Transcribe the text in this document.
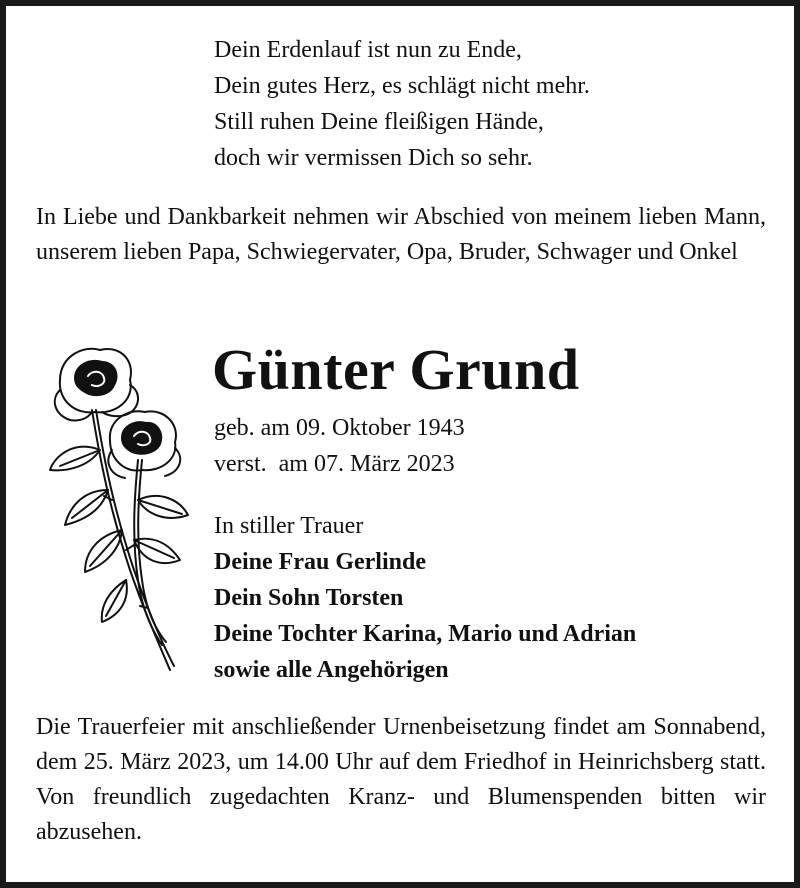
Dein Erdenlauf ist nun zu Ende,
Dein gutes Herz, es schlägt nicht mehr.
Still ruhen Deine fleißigen Hände,
doch wir vermissen Dich so sehr.
In Liebe und Dankbarkeit nehmen wir Abschied von meinem lieben Mann, unserem lieben Papa, Schwiegervater, Opa, Bruder, Schwager und Onkel
Günter Grund
geb. am 09. Oktober 1943
verst.  am 07. März 2023
In stiller Trauer
Deine Frau Gerlinde
Dein Sohn Torsten
Deine Tochter Karina, Mario und Adrian
sowie alle Angehörigen
Die Trauerfeier mit anschließender Urnenbeisetzung findet am Sonnabend, dem 25. März 2023, um 14.00 Uhr auf dem Friedhof in Heinrichsberg statt. Von freundlich zugedachten Kranz- und Blumenspenden bitten wir abzusehen.
